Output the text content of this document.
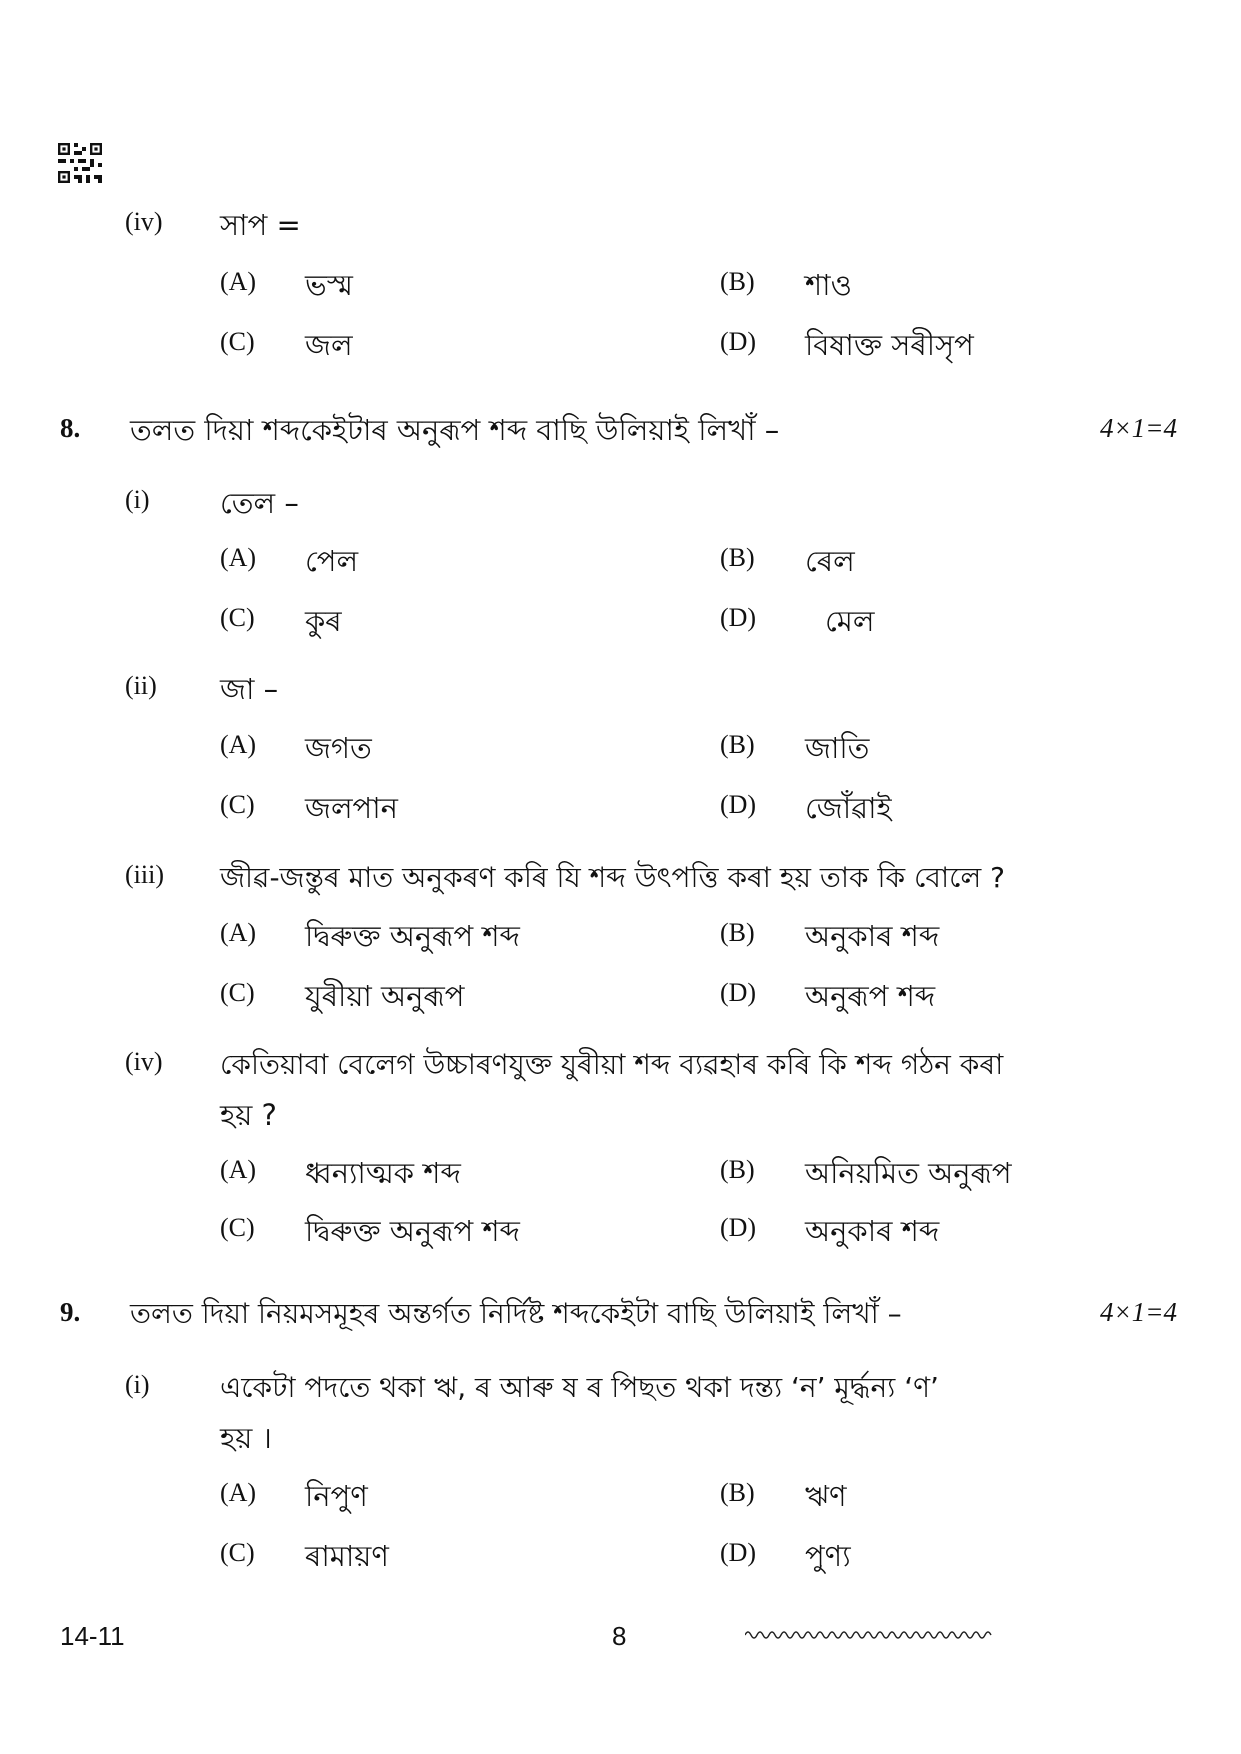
(iv) সাপ =
(A) ভস্ম	(B) শাও
(C) জল	(D) বিষাক্ত সৰীসৃপ
8. তলত দিয়া শব্দকেইটাৰ অনুৰূপ শব্দ বাছি উলিয়াই লিখাঁ –	4×1=4
(i) তেল –
(A) পেল	(B) ৰেল
(C) কুৰ	(D) মেল
(ii) জা –
(A) জগত	(B) জাতি
(C) জলপান	(D) জোঁৱাই
(iii) জীৱ-জন্তুৰ মাত অনুকৰণ কৰি যি শব্দ উৎপত্তি কৰা হয় তাক কি বোলে ?
(A) দ্বিৰুক্ত অনুৰূপ শব্দ	(B) অনুকাৰ শব্দ
(C) যুৰীয়া অনুৰূপ	(D) অনুৰূপ শব্দ
(iv) কেতিয়াবা বেলেগ উচ্চাৰণযুক্ত যুৰীয়া শব্দ ব্যৱহাৰ কৰি কি শব্দ গঠন কৰা
হয় ?
(A) ধ্বন্যাত্মক শব্দ	(B) অনিয়মিত অনুৰূপ
(C) দ্বিৰুক্ত অনুৰূপ শব্দ	(D) অনুকাৰ শব্দ
9. তলত দিয়া নিয়মসমূহৰ অন্তৰ্গত নিৰ্দিষ্ট শব্দকেইটা বাছি উলিয়াই লিখাঁ –	4×1=4
(i)	একেটা পদতে থকা ঋ, ৰ আৰু ষ ৰ পিছত থকা দন্ত্য ‘ন’ মূৰ্দ্ধন্য ‘ণ’
হয় ।
(A) নিপুণ	(B) ঋণ
(C) ৰামায়ণ	(D) পুণ্য
14-11	8
